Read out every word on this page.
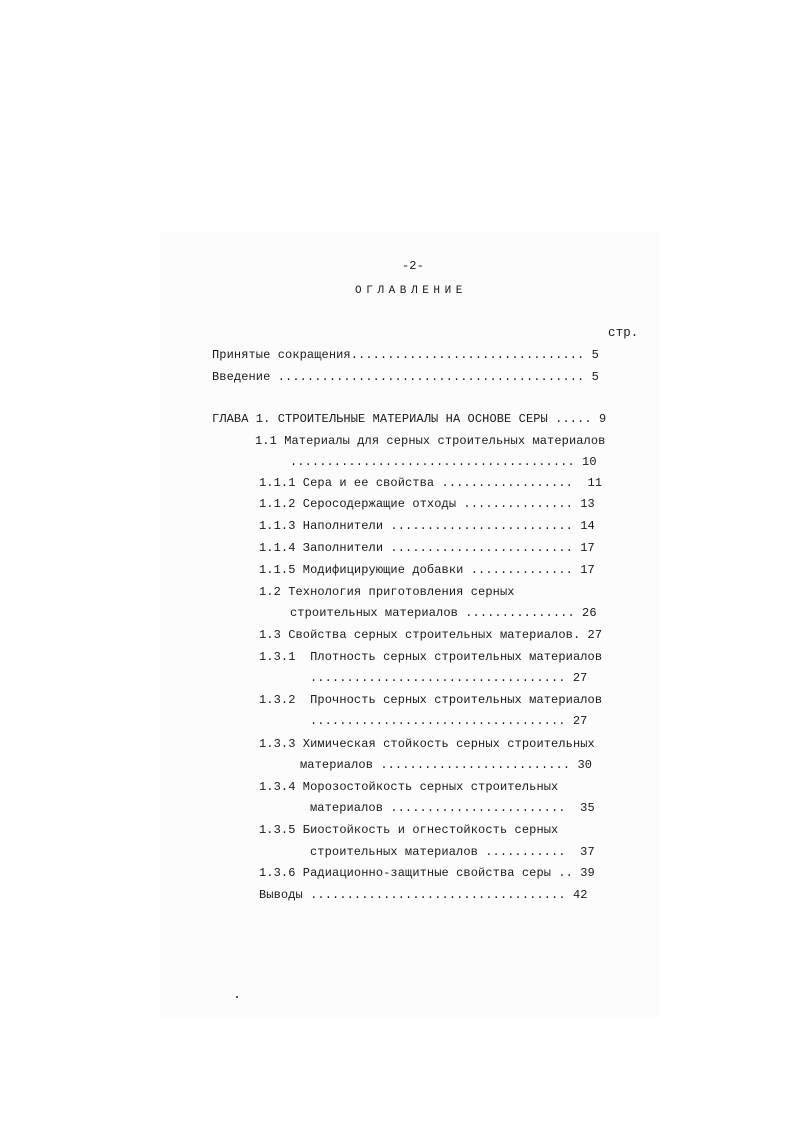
-2-
ОГЛАВЛЕНИЕ
стр.
Принятые сокращения................................ 5
Введение .......................................... 5
ГЛАВА 1. СТРОИТЕЛЬНЫЕ МАТЕРИАЛЫ НА ОСНОВЕ СЕРЫ ..... 9
1.1 Материалы для серных строительных материалов
....................................... 10
1.1.1 Сера и ее свойства ..................  11
1.1.2 Серосодержащие отходы ............... 13
1.1.3 Наполнители ......................... 14
1.1.4 Заполнители ......................... 17
1.1.5 Модифицирующие добавки .............. 17
1.2 Технология приготовления серных
строительных материалов ............... 26
1.3 Свойства серных строительных материалов. 27
1.3.1  Плотность серных строительных материалов
................................... 27
1.3.2  Прочность серных строительных материалов
................................... 27
1.3.3 Химическая стойкость серных строительных
материалов .......................... 30
1.3.4 Морозостойкость серных строительных
материалов ........................  35
1.3.5 Биостойкость и огнестойкость серных
строительных материалов ...........  37
1.3.6 Радиационно-защитные свойства серы .. 39
Выводы ................................... 42
